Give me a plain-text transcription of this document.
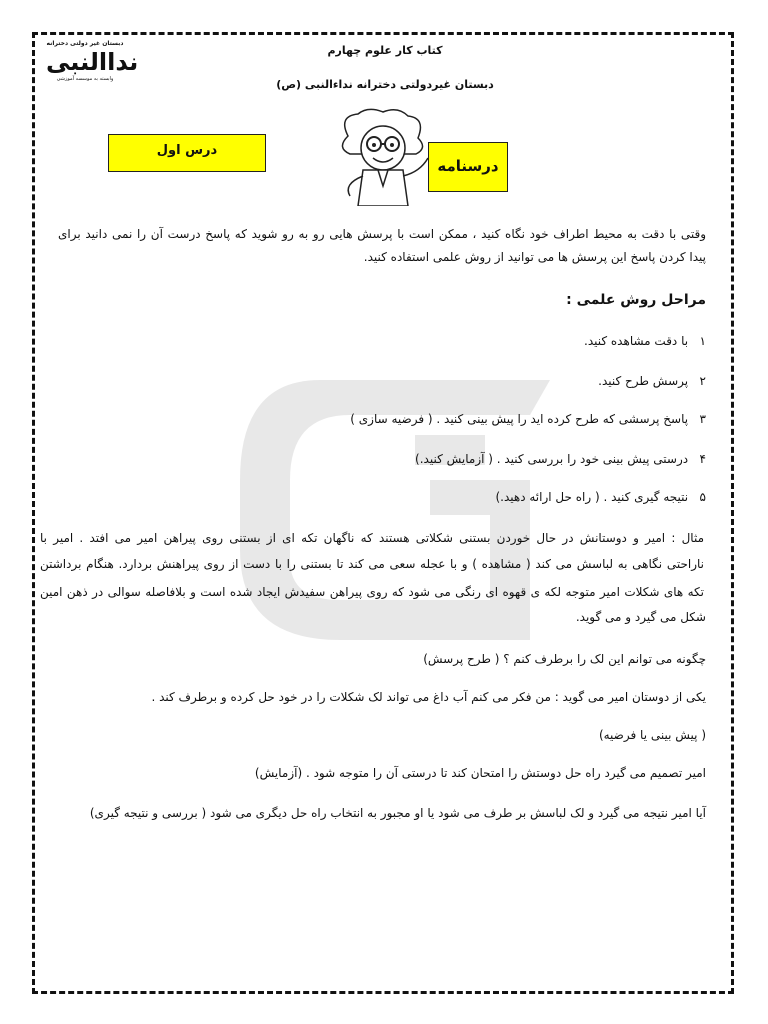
دبستان غیر دولتی دخترانه
نداالنبی
وابسته به موسسه آموزشی
کتاب کار علوم چهارم
دبستان غیردولتی دخترانه نداءالنبی (ص)
درس اول
درسنامه
وقتی با دقت به محیط اطراف خود نگاه کنید ، ممکن است با پرسش هایی رو به رو شوید که پاسخ درست آن را نمی دانید برای
پیدا کردن پاسخ این پرسش ها می توانید از روش علمی استفاده کنید.
مراحل روش علمی :
۱   با دقت مشاهده کنید.
۲   پرسش طرح کنید.
۳   پاسخ پرسشی که طرح کرده اید را پیش بینی کنید . ( فرضیه سازی )
۴   درستی پیش بینی خود را بررسی کنید . ( آزمایش کنید.)
۵   نتیجه گیری کنید . ( راه حل ارائه دهید.)
مثال : امیر و دوستانش در حال خوردن بستنی شکلاتی هستند که ناگهان تکه ای از بستنی روی پیراهن امیر می افتد . امیر با
ناراحتی نگاهی به لباسش می کند ( مشاهده ) و با عجله سعی می کند تا بستنی را با دست از روی پیراهنش بردارد. هنگام برداشتن
تکه های شکلات امیر متوجه لکه ی قهوه ای رنگی می شود که روی پیراهن سفیدش ایجاد شده است و بلافاصله سوالی در ذهن امین
شکل می گیرد و می گوید.
چگونه می توانم این لک را برطرف کنم ؟ ( طرح پرسش)
یکی از دوستان امیر می گوید : من فکر می کنم آب داغ می تواند لک شکلات را در خود حل کرده و برطرف کند .
( پیش بینی یا فرضیه)
امیر تصمیم می گیرد راه حل دوستش را امتحان کند تا درستی آن را متوجه شود . (آزمایش)
آیا امیر نتیجه می گیرد و لک لباسش بر طرف می شود یا او مجبور به انتخاب راه حل دیگری می شود ( بررسی و نتیجه گیری)
